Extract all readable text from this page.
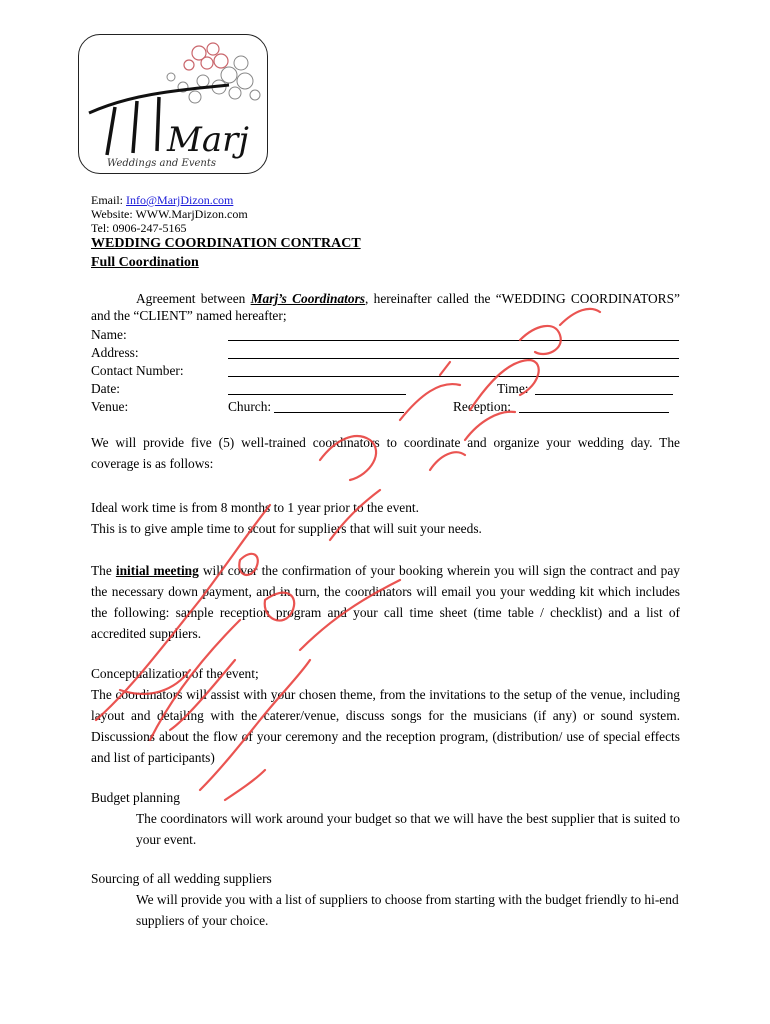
Marj
Weddings and Events
Email: Info@MarjDizon.com
Website: WWW.MarjDizon.com
Tel: 0906-247-5165
WEDDING COORDINATION CONTRACT
Full Coordination
Agreement between Marj’s Coordinators, hereinafter called the “WEDDING COORDINATORS” and the “CLIENT” named hereafter;
Name:
Address:
Contact Number:
Date:	Time:
Venue:	Church:	Reception:
We will provide five (5) well-trained coordinators to coordinate and organize your wedding day. The coverage is as follows:
Ideal work time is from 8 months to 1 year prior to the event.
This is to give ample time to scout for suppliers that will suit your needs.
The initial meeting will cover the confirmation of your booking wherein you will sign the contract and pay the necessary down payment, and in turn, the coordinators will email you your wedding kit which includes the following: sample reception program and your call time sheet (time table / checklist) and a list of accredited suppliers.
Conceptualization of the event;
The coordinators will assist with your chosen theme, from the invitations to the setup of the venue, including layout and detailing with the caterer/venue, discuss songs for the musicians (if any) or sound system. Discussions about the flow of your ceremony and the reception program, (distribution/ use of special effects and list of participants)
Budget planning
The coordinators will work around your budget so that we will have the best supplier that is suited to your event.
Sourcing of all wedding suppliers
We will provide you with a list of suppliers to choose from starting with the budget friendly to hi-end suppliers of your choice.
